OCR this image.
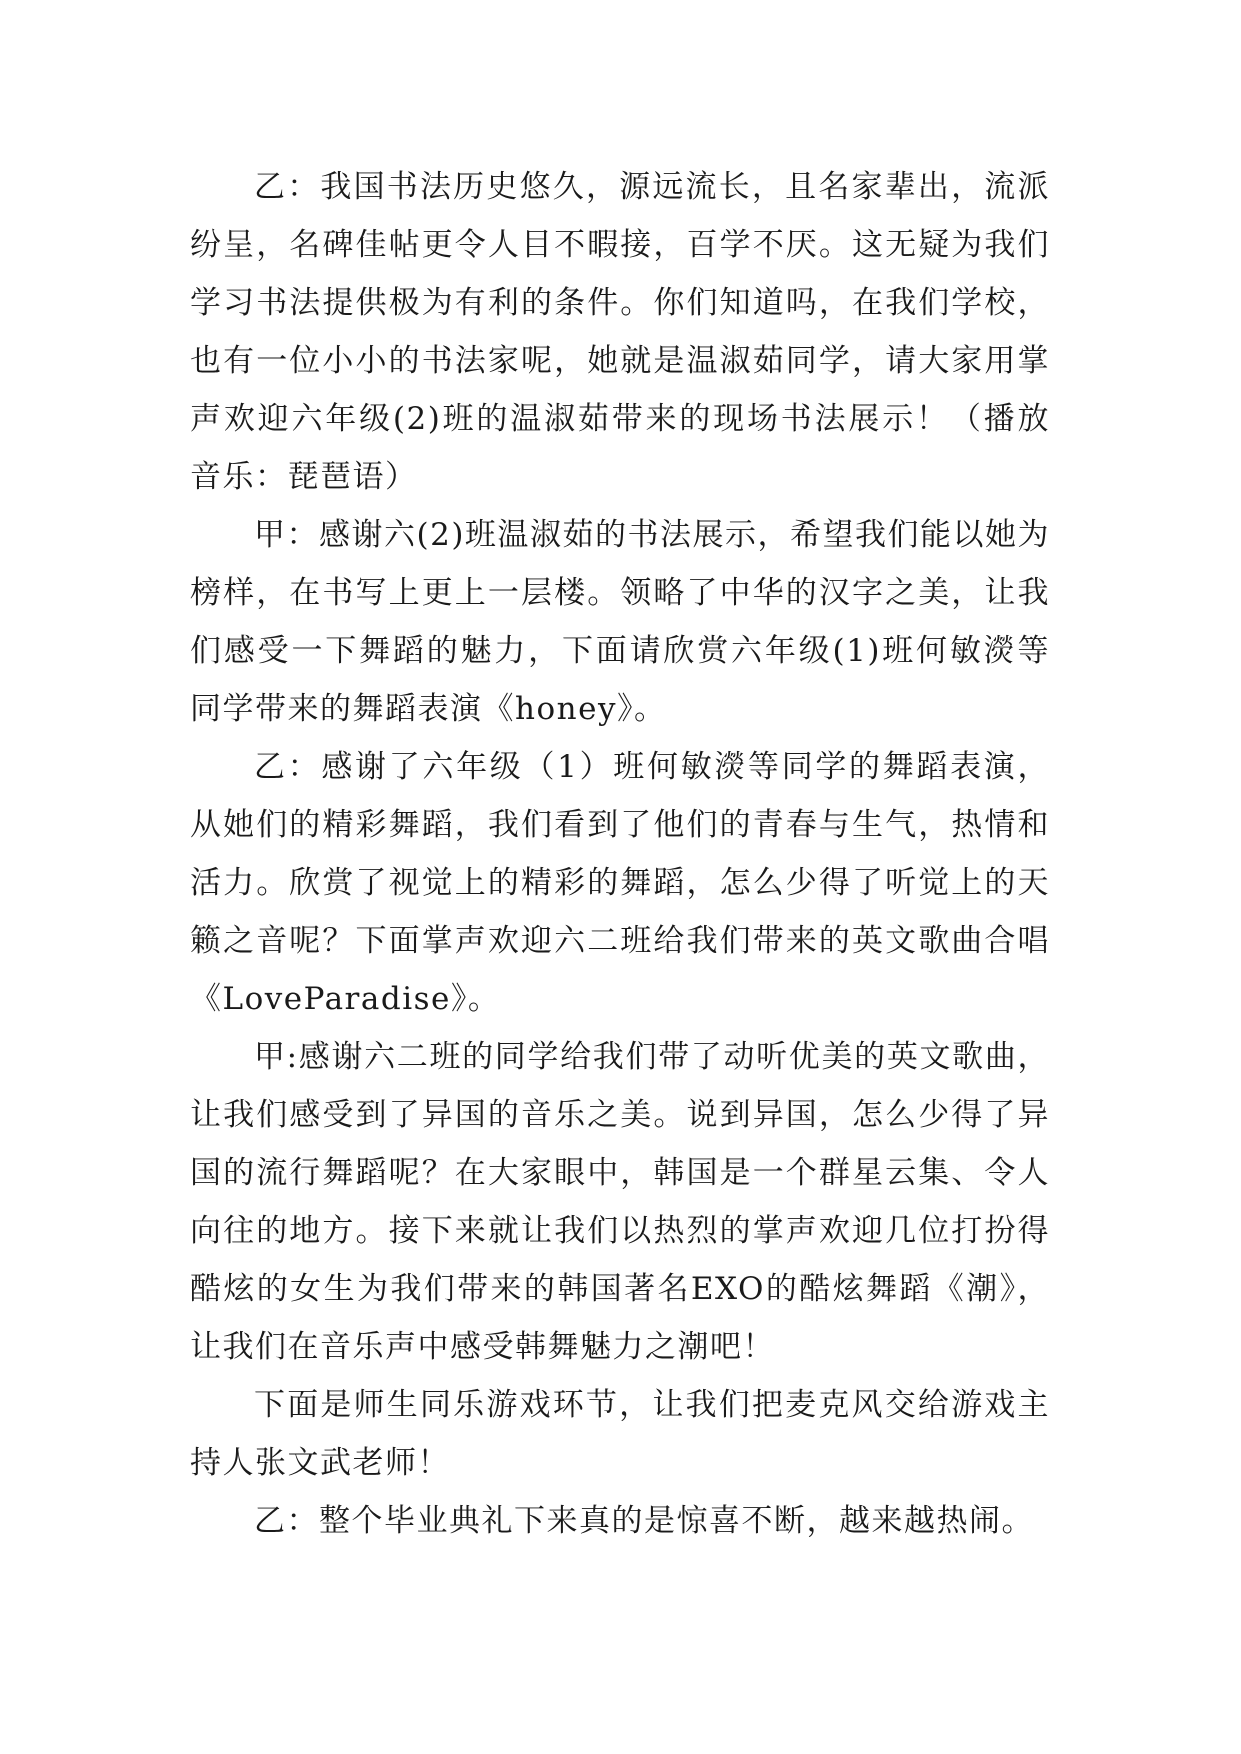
乙：我国书法历史悠久，源远流长，且名家辈出，流派纷呈，名碑佳帖更令人目不暇接，百学不厌。这无疑为我们学习书法提供极为有利的条件。你们知道吗，在我们学校，也有一位小小的书法家呢，她就是温淑茹同学，请大家用掌声欢迎六年级(2)班的温淑茹带来的现场书法展示！（播放音乐：琵琶语）

甲：感谢六(2)班温淑茹的书法展示，希望我们能以她为榜样，在书写上更上一层楼。领略了中华的汉字之美，让我们感受一下舞蹈的魅力，下面请欣赏六年级(1)班何敏濙等同学带来的舞蹈表演《honey》。

乙：感谢了六年级（1）班何敏濙等同学的舞蹈表演，从她们的精彩舞蹈，我们看到了他们的青春与生气，热情和活力。欣赏了视觉上的精彩的舞蹈，怎么少得了听觉上的天籁之音呢？下面掌声欢迎六二班给我们带来的英文歌曲合唱《LoveParadise》。

甲:感谢六二班的同学给我们带了动听优美的英文歌曲，让我们感受到了异国的音乐之美。说到异国，怎么少得了异国的流行舞蹈呢？在大家眼中，韩国是一个群星云集、令人向往的地方。接下来就让我们以热烈的掌声欢迎几位打扮得酷炫的女生为我们带来的韩国著名EXO的酷炫舞蹈《潮》，让我们在音乐声中感受韩舞魅力之潮吧！

下面是师生同乐游戏环节，让我们把麦克风交给游戏主持人张文武老师！

乙：整个毕业典礼下来真的是惊喜不断，越来越热闹。
